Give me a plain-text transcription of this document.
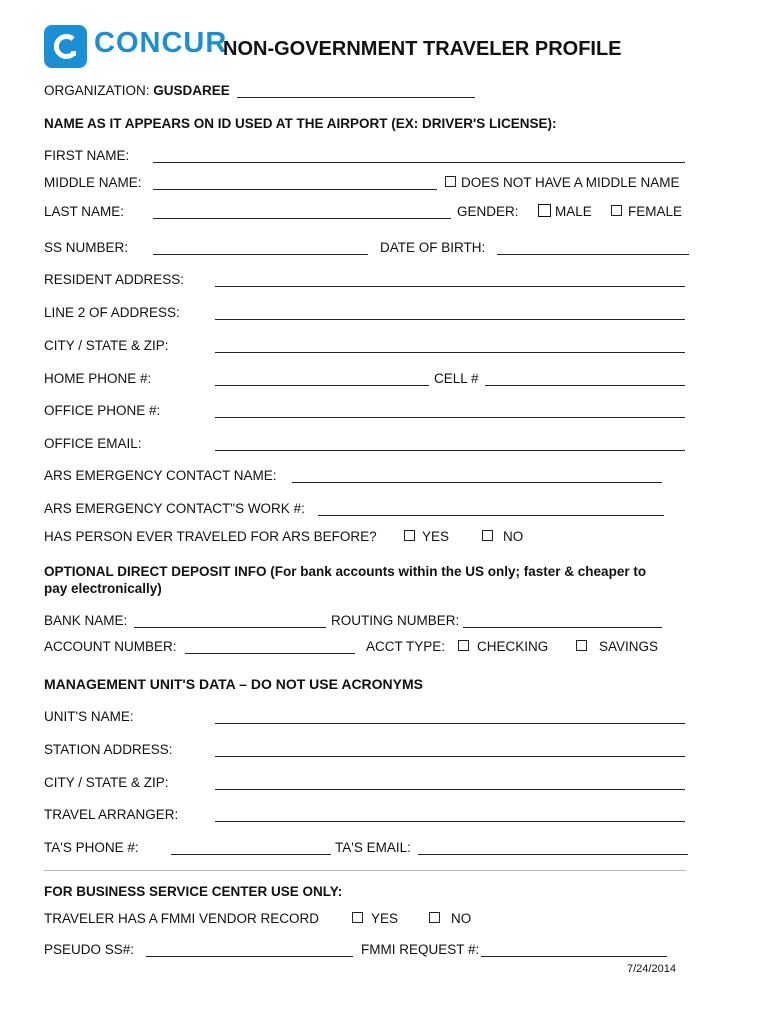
CONCUR
NON-GOVERNMENT TRAVELER PROFILE
ORGANIZATION: GUSDAREE
NAME AS IT APPEARS ON ID USED AT THE AIRPORT (EX: DRIVER'S LICENSE):
FIRST NAME:
MIDDLE NAME:	DOES NOT HAVE A MIDDLE NAME
LAST NAME:	GENDER:	MALE	FEMALE
SS NUMBER:	DATE OF BIRTH:
RESIDENT ADDRESS:
LINE 2 OF ADDRESS:
CITY / STATE & ZIP:
HOME PHONE #:	CELL #
OFFICE PHONE #:
OFFICE EMAIL:
ARS EMERGENCY CONTACT NAME:
ARS EMERGENCY CONTACT"S WORK #:
HAS PERSON EVER TRAVELED FOR ARS BEFORE?	YES	NO
OPTIONAL DIRECT DEPOSIT INFO (For bank accounts within the US only; faster & cheaper to
pay electronically)
BANK NAME:	ROUTING NUMBER:
ACCOUNT NUMBER:	ACCT TYPE: CHECKING	SAVINGS
MANAGEMENT UNIT'S DATA – DO NOT USE ACRONYMS
UNIT'S NAME:
STATION ADDRESS:
CITY / STATE & ZIP:
TRAVEL ARRANGER:
TA'S PHONE #:	TA'S EMAIL:
FOR BUSINESS SERVICE CENTER USE ONLY:
TRAVELER HAS A FMMI VENDOR RECORD	YES	NO
PSEUDO SS#:	FMMI REQUEST #:
7/24/2014
